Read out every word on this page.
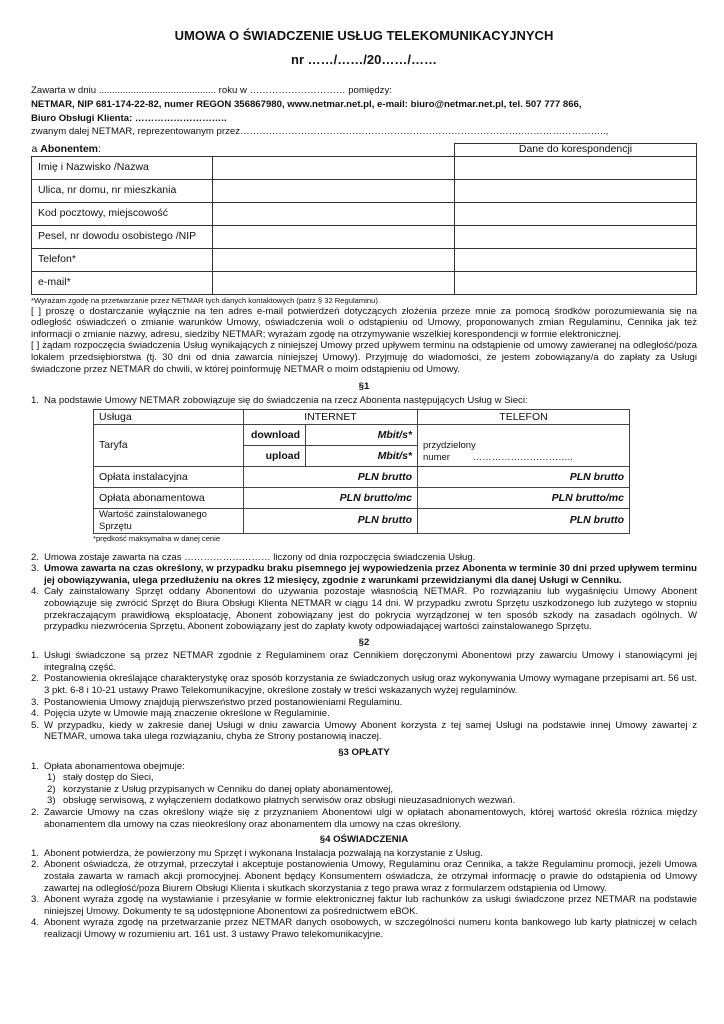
UMOWA O ŚWIADCZENIE USŁUG TELEKOMUNIKACYJNYCH
nr ……/……/20……/……

Zawarta w dniu ............................................ roku w ………………………… pomiędzy:

NETMAR, NIP 681-174-22-82, numer REGON 356867980, www.netmar.net.pl, e-mail: biuro@netmar.net.pl, tel. 507 777 866,

Biuro Obsługi Klienta: ………………………..

zwanym dalej NETMAR, reprezentowanym przez……………………………………………………………………………..……………………..,

a Abonentem:		Dane do korespondencji
Imię i Nazwisko /Nazwa		
Ulica, nr domu, nr mieszkania		
Kod pocztowy, miejscowość		
Pesel, nr dowodu osobistego /NIP		
Telefon*		
e-mail*		
*Wyrażam zgodę na przetwarzanie przez NETMAR tych danych kontaktowych (patrz § 32 Regulaminu).

[ ] proszę o dostarczanie wyłącznie na ten adres e-mail potwierdzeń dotyczących złożenia przeze mnie za pomocą środków porozumiewania się na odległość oświadczeń o zmianie warunków Umowy, oświadczenia woli o odstąpieniu od Umowy, proponowanych zmian Regulaminu, Cennika jak też informacji o zmianie nazwy, adresu, siedziby NETMAR; wyrażam zgodę na otrzymywanie wszelkiej korespondencji w formie elektronicznej.

[ ] żądam rozpoczęcia świadczenia Usług wynikających z niniejszej Umowy przed upływem terminu na odstąpienie od umowy zawieranej na odległość/poza lokalem przedsiębiorstwa (tj. 30 dni od dnia zawarcia niniejszej Umowy). Przyjmuję do wiadomości, że jestem zobowiązany/a do zapłaty za Usługi świadczone przez NETMAR do chwili, w której poinformuję NETMAR o moim odstąpieniu od Umowy.

§1
1. Na podstawie Umowy NETMAR zobowiązuje się do świadczenia na rzecz Abonenta następujących Usług w Sieci:
Usługa	INTERNET		TELEFON
Taryfa	download	Mbit/s*	przydzielony
numer …………………………..

	upload	Mbit/s*	
Opłata instalacyjna	PLN brutto		PLN brutto
Opłata abonamentowa	PLN brutto/mc		PLN brutto/mc
Wartość zainstalowanego Sprzętu	PLN brutto		PLN brutto
*prędkość maksymalna w danej cenie
2. Umowa zostaje zawarta na czas ……………………… liczony od dnia rozpoczęcia świadczenia Usług.
3. Umowa zawarta na czas określony, w przypadku braku pisemnego jej wypowiedzenia przez Abonenta w terminie 30 dni przed upływem terminu jej obowiązywania, ulega przedłużeniu na okres 12 miesięcy, zgodnie z warunkami przewidzianymi dla danej Usługi w Cenniku.
4. Cały zainstalowany Sprzęt oddany Abonentowi do używania pozostaje własnością NETMAR. Po rozwiązaniu lub wygaśnięciu Umowy Abonent zobowiązuje się zwrócić Sprzęt do Biura Obsługi Klienta NETMAR w ciągu 14 dni. W przypadku zwrotu Sprzętu uszkodzonego lub zużytego w stopniu przekraczającym prawidłową eksploatację, Abonent zobowiązany jest do pokrycia wyrządzonej w ten sposób szkody na zasadach ogólnych. W przypadku niezwrócenia Sprzętu, Abonent zobowiązany jest do zapłaty kwoty odpowiadającej wartości zainstalowanego Sprzętu.
§2
1. Usługi świadczone są przez NETMAR zgodnie z Regulaminem oraz Cennikiem doręczonymi Abonentowi przy zawarciu Umowy i stanowiącymi jej integralną część.
2. Postanowienia określające charakterystykę oraz sposób korzystania ze świadczonych usług oraz wykonywania Umowy wymagane przepisami art. 56 ust. 3 pkt. 6-8 i 10-21 ustawy Prawo Telekomunikacyjne, określone zostały w treści wskazanych wyżej regulaminów.
3. Postanowienia Umowy znajdują pierwszeństwo przed postanowieniami Regulaminu.
4. Pojęcia użyte w Umowie mają znaczenie określone w Regulaminie.
5. W przypadku, kiedy w zakresie danej Usługi w dniu zawarcia Umowy Abonent korzysta z tej samej Usługi na podstawie innej Umowy zawartej z NETMAR, umowa taka ulega rozwiązaniu, chyba że Strony postanowią inaczej.
§3 OPŁATY
1. Opłata abonamentowa obejmuje:
1) stały dostęp do Sieci,
2) korzystanie z Usług przypisanych w Cenniku do danej opłaty abonamentowej,
3) obsługę serwisową, z wyłączeniem dodatkowo płatnych serwisów oraz obsługi nieuzasadnionych wezwań.
2. Zawarcie Umowy na czas określony wiąże się z przyznaniem Abonentowi ulgi w opłatach abonamentowych, której wartość określa różnica między abonamentem dla umowy na czas nieokreślony oraz abonamentem dla umowy na czas określony.
§4 OŚWIADCZENIA
1. Abonent potwierdza, że powierzony mu Sprzęt i wykonana Instalacja pozwalają na korzystanie z Usług.
2. Abonent oświadcza, że otrzymał, przeczytał i akceptuje postanowienia Umowy, Regulaminu oraz Cennika, a także Regulaminu promocji, jeżeli Umowa została zawarta w ramach akcji promocyjnej. Abonent będący Konsumentem oświadcza, że otrzymał informację o prawie do odstąpienia od Umowy zawartej na odległość/poza Biurem Obsługi Klienta i skutkach skorzystania z tego prawa wraz z formularzem odstąpienia od Umowy.
3. Abonent wyraża zgodę na wystawianie i przesyłanie w formie elektronicznej faktur lub rachunków za usługi świadczone przez NETMAR na podstawie niniejszej Umowy. Dokumenty te są udostępnione Abonentowi za pośrednictwem eBOK.
4. Abonent wyraża zgodę na przetwarzanie przez NETMAR danych osobowych, w szczególności numeru konta bankowego lub karty płatniczej w celach realizacji Umowy w rozumieniu art. 161 ust. 3 ustawy Prawo telekomunikacyjne.
